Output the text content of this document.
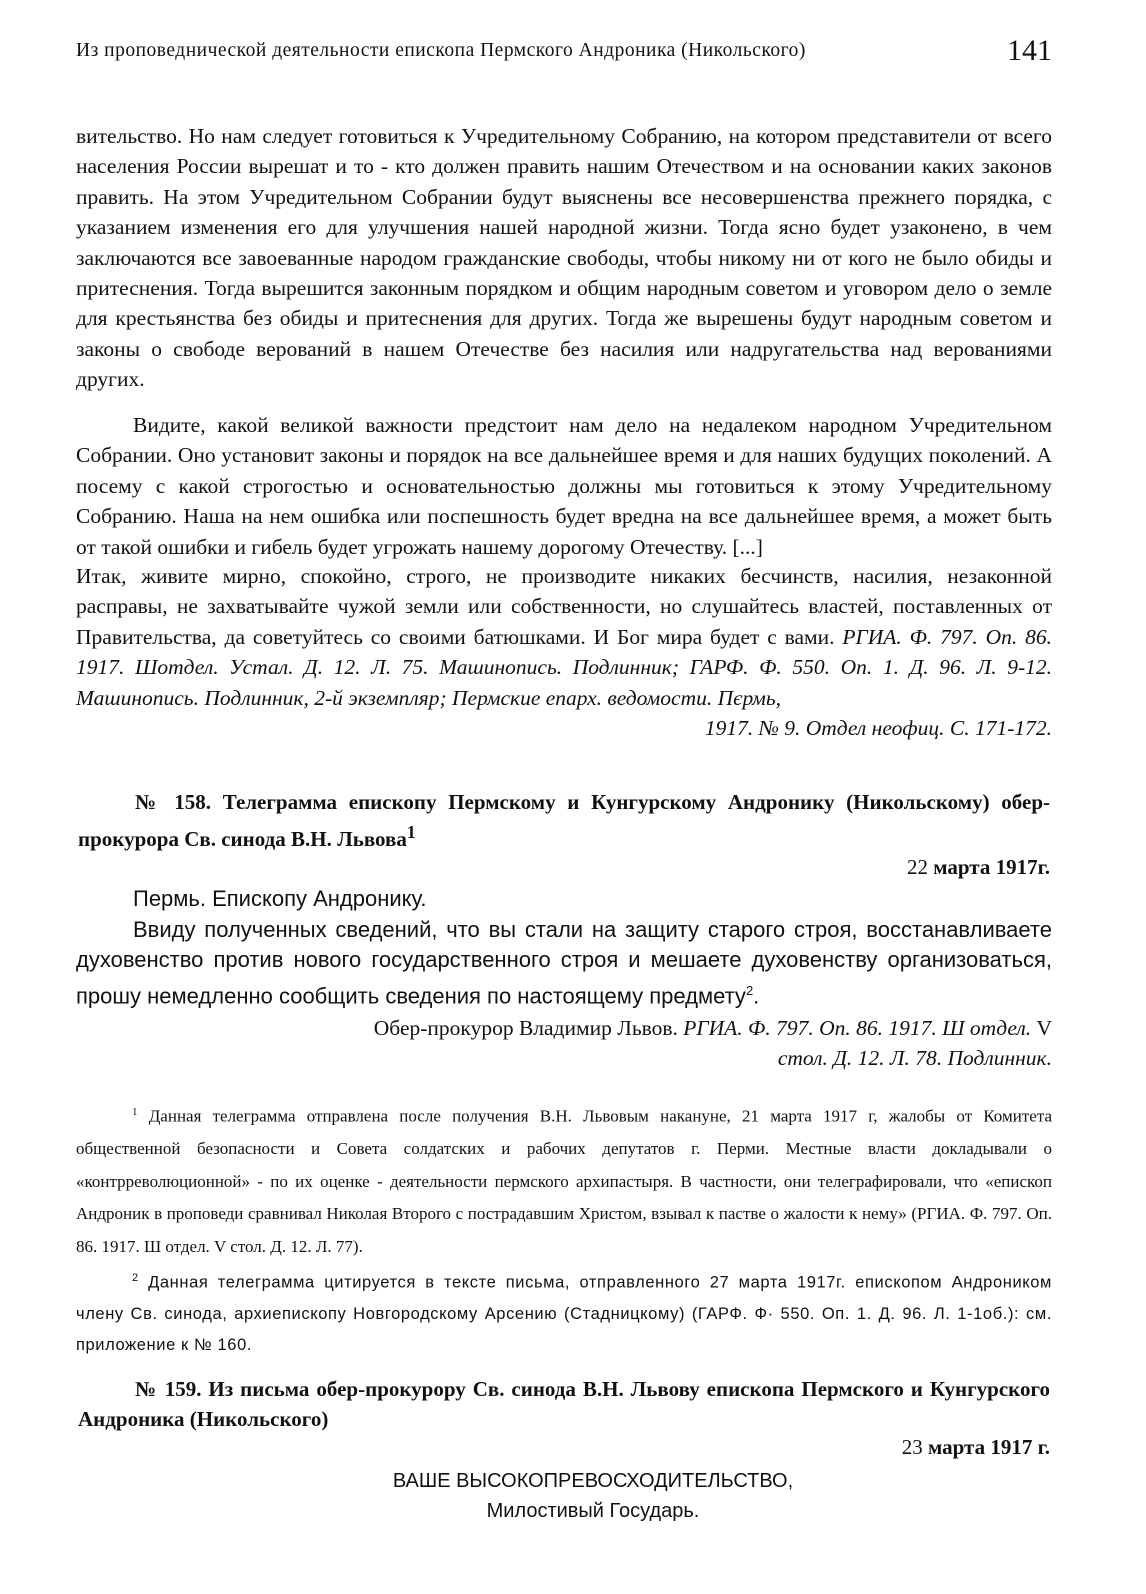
Из проповеднической деятельности епископа Пермского Андроника (Никольского)	141

вительство. Но нам следует готовиться к Учредительному Собранию, на котором представители от всего населения России вырешат и то - кто должен править нашим Отечеством и на основании каких законов править. На этом Учредительном Собрании будут выяснены все несовершенства прежнего порядка, с указанием изменения его для улучшения нашей народной жизни. Тогда ясно будет узаконено, в чем заключаются все завоеванные народом гражданские свободы, чтобы никому ни от кого не было обиды и притеснения. Тогда вырешится законным порядком и общим народным советом и уговором дело о земле для крестьянства без обиды и притеснения для других. Тогда же вырешены будут народным советом и законы о свободе верований в нашем Отечестве без насилия или надругательства над верованиями других.

Видите, какой великой важности предстоит нам дело на недалеком народном Учредительном Собрании. Оно установит законы и порядок на все дальнейшее время и для наших будущих поколений. А посему с какой строгостью и основательностью должны мы готовиться к этому Учредительному Собранию. Наша на нем ошибка или поспешность будет вредна на все дальнейшее время, а может быть от такой ошибки и гибель будет угрожать нашему дорогому Отечеству. [...]

Итак, живите мирно, спокойно, строго, не производите никаких бесчинств, насилия, незаконной расправы, не захватывайте чужой земли или собственности, но слушайтесь властей, поставленных от Правительства, да советуйтесь со своими батюшками. И Бог мира будет с вами. РГИА. Ф. 797. Оп. 86. 1917. Шотдел. Устал. Д. 12. Л. 75. Машинопись. Подлинник; ГАРФ. Ф. 550. Оп. 1. Д. 96. Л. 9-12. Машинопись. Подлинник, 2-й экземпляр; Пермские епарх. ведомости. Пєрмь,
1917. № 9. Отдел неофиц. С. 171-172.

№ 158. Телеграмма епископу Пермскому и Кунгурскому Андронику (Никольскому) обер-прокурора Св. синода В.Н. Львова$^1$

22 марта 1917г.

Пермь. Епископу Андронику.

Ввиду полученных сведений, что вы стали на защиту старого строя, восстанавливаете духовенство против нового государственного строя и мешаете духовенству организоваться, прошу немедленно сообщить сведения по настоящему предмету$^2$.

Обер-прокурор Владимир Львов. РГИА. Ф. 797. Оп. 86. 1917. Ш отдел. V
стол. Д. 12. Л. 78. Подлинник.

$^1$ Данная телеграмма отправлена после получения В.Н. Львовым накануне, 21 марта 1917 г, жалобы от Комитета общественной безопасности и Совета солдатских и рабочих депутатов г. Перми. Местные власти докладывали о «контрреволюционной» - по их оценке - деятельности пермского архипастыря. В частности, они телеграфировали, что «епископ Андроник в проповеди сравнивал Николая Второго с пострадавшим Христом, взывал к пастве о жалости к нему» (РГИА. Ф. 797. Оп. 86. 1917. Ш отдел. V стол. Д. 12. Л. 77).

$^2$ Данная телеграмма цитируется в тексте письма, отправленного 27 марта 1917г. епископом Андроником члену Св. синода, архиепископу Новгородскому Арсению (Стадницкому) (ГАРФ. Ф· 550. Оп. 1. Д. 96. Л. 1-1об.): см. приложение к № 160.

№ 159. Из письма обер-прокурору Св. синода В.Н. Львову епископа Пермского и Кунгурского Андроника (Никольского)

23 марта 1917 г.
ВАШЕ ВЫСОКОПРЕВОСХОДИТЕЛЬСТВО,
Милостивый Государь.
